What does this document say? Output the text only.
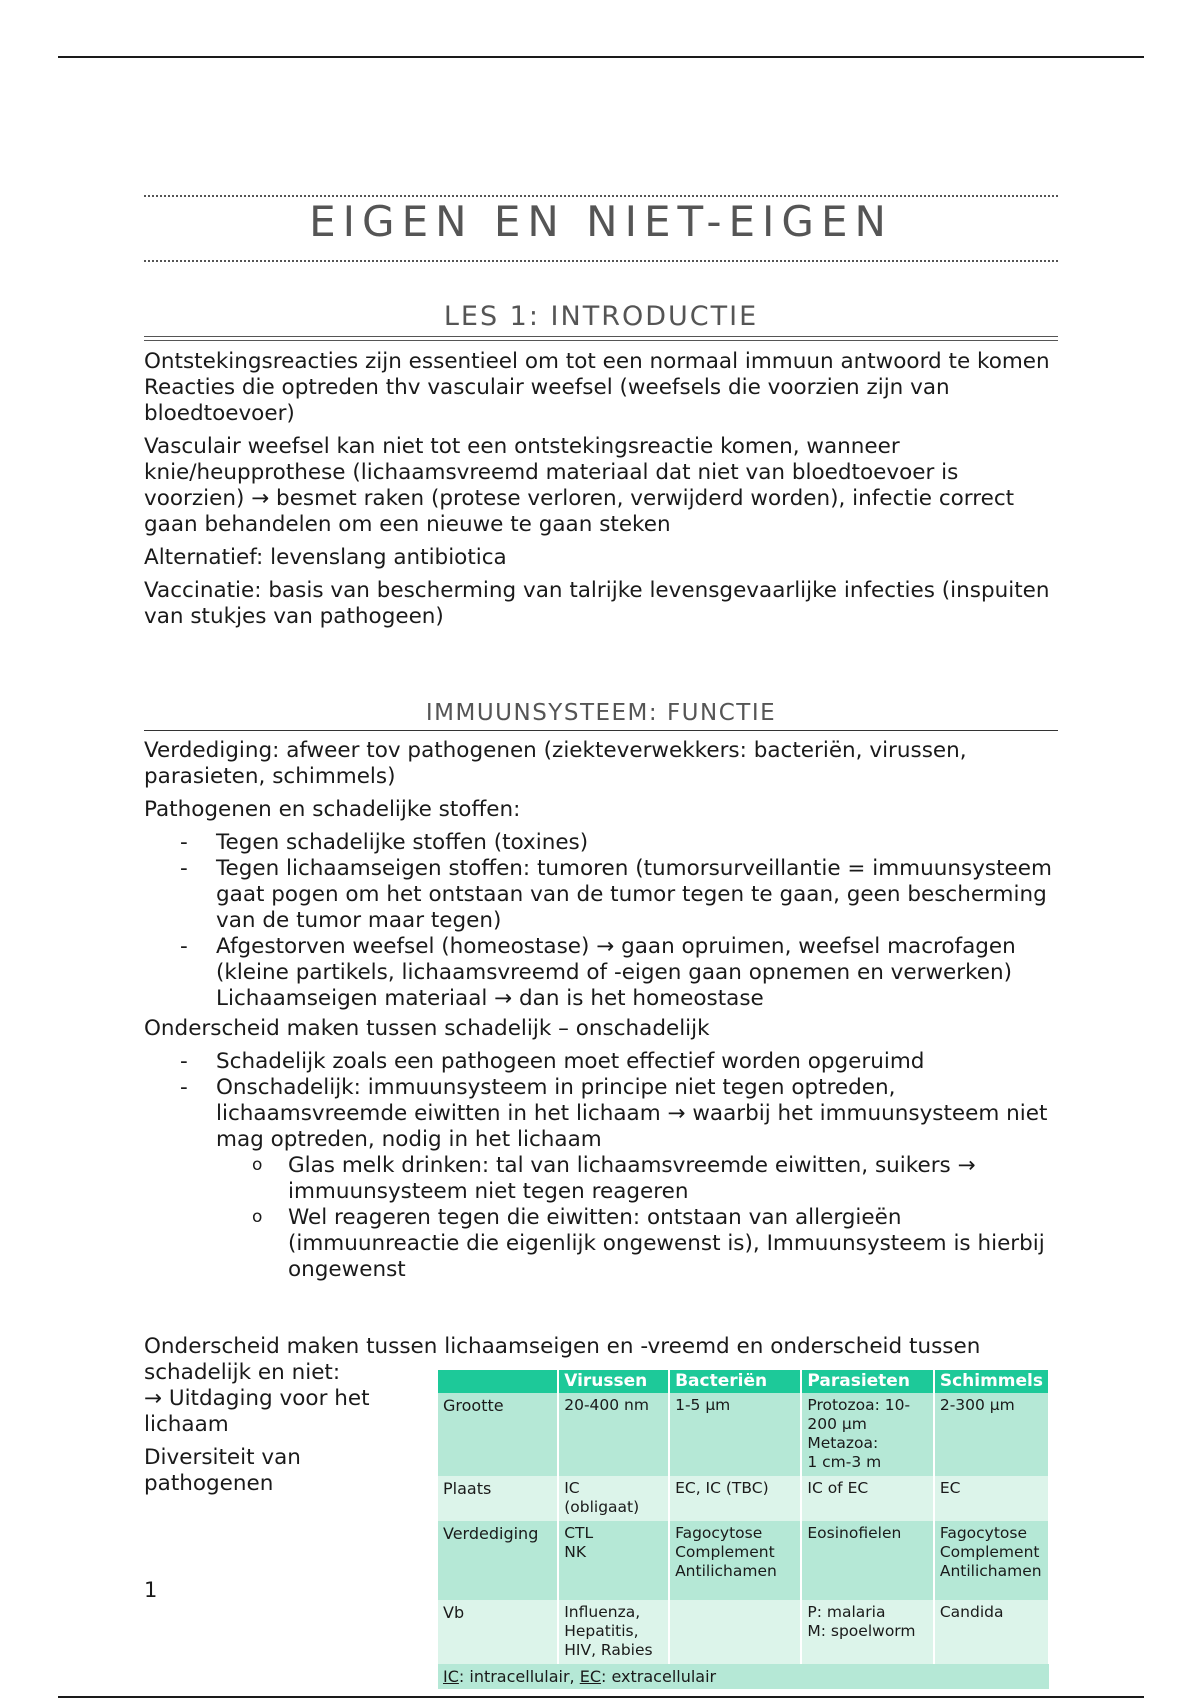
EIGEN EN NIET-EIGEN
LES 1: INTRODUCTIE
Ontstekingsreacties zijn essentieel om tot een normaal immuun antwoord te komen
Reacties die optreden thv vasculair weefsel (weefsels die voorzien zijn van bloedtoevoer)
Vasculair weefsel kan niet tot een ontstekingsreactie komen, wanneer knie/heupprothese (lichaamsvreemd materiaal dat niet van bloedtoevoer is voorzien) → besmet raken (protese verloren, verwijderd worden), infectie correct gaan behandelen om een nieuwe te gaan steken
Alternatief: levenslang antibiotica
Vaccinatie: basis van bescherming van talrijke levensgevaarlijke infecties (inspuiten van stukjes van pathogeen)
IMMUUNSYSTEEM: FUNCTIE
Verdediging: afweer tov pathogenen (ziekteverwekkers: bacteriën, virussen, parasieten, schimmels)
Pathogenen en schadelijke stoffen:
- Tegen schadelijke stoffen (toxines)
- Tegen lichaamseigen stoffen: tumoren (tumorsurveillantie = immuunsysteem gaat pogen om het ontstaan van de tumor tegen te gaan, geen bescherming van de tumor maar tegen)
- Afgestorven weefsel (homeostase) → gaan opruimen, weefsel macrofagen (kleine partikels, lichaamsvreemd of -eigen gaan opnemen en verwerken) Lichaamseigen materiaal → dan is het homeostase
Onderscheid maken tussen schadelijk – onschadelijk
- Schadelijk zoals een pathogeen moet effectief worden opgeruimd
- Onschadelijk: immuunsysteem in principe niet tegen optreden, lichaamsvreemde eiwitten in het lichaam → waarbij het immuunsysteem niet mag optreden, nodig in het lichaam
o Glas melk drinken: tal van lichaamsvreemde eiwitten, suikers → immuunsysteem niet tegen reageren
o Wel reageren tegen die eiwitten: ontstaan van allergieën (immuunreactie die eigenlijk ongewenst is), Immuunsysteem is hierbij ongewenst
Onderscheid maken tussen lichaamseigen en -vreemd en onderscheid tussen schadelijk en niet:
→ Uitdaging voor het lichaam
Diversiteit van pathogenen
1
	Virussen	Bacteriën	Parasieten	Schimmels
Grootte	20-400 nm	1-5 µm	Protozoa: 10-200 µm
Metazoa:
1 cm-3 m	2-300 µm
Plaats	IC
(obligaat)	EC, IC (TBC)	IC of EC	EC
Verdediging	CTL
NK	Fagocytose
Complement
Antilichamen	Eosinofielen	Fagocytose
Complement
Antilichamen
Vb	Influenza,
Hepatitis,
HIV, Rabies		P: malaria
M: spoelworm	Candida
IC: intracellulair, EC: extracellulair				
